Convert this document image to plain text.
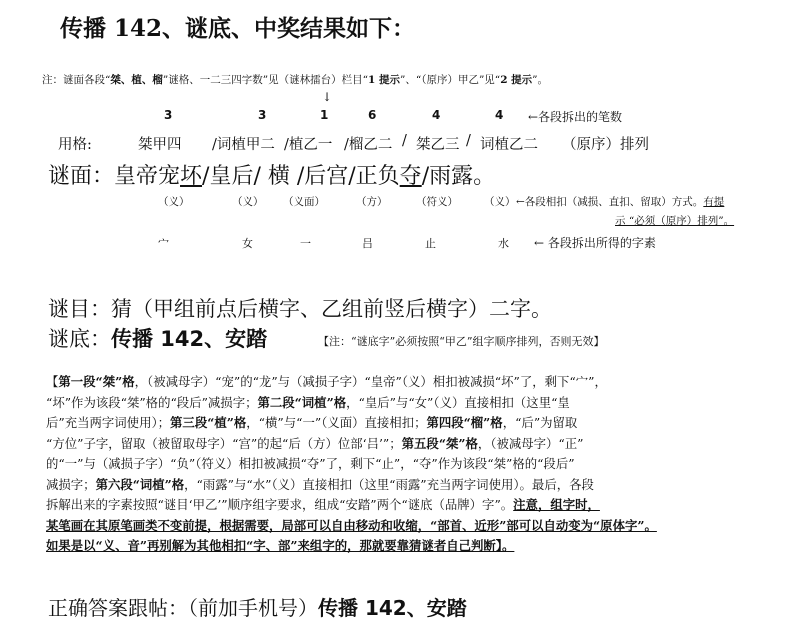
传播 142、谜底、中奖结果如下：
注：谜面各段“桀、植、榴”谜格、一二三四字数”见（谜林擂台）栏目“1 提示”、“（原序）甲乙”见“2 提示”。
↓
3	3	1	6	4	4 ←各段拆出的笔数
用格:	桀甲四 /词植甲二 /植乙一 /榴乙二 / 桀乙三 / 词植乙二 （原序）排列
谜面：皇帝宠坏/皇后/ 横 /后宫/正负夺/雨露。
（义）	（义） （义面）	（方）	（符义） （义） ←各段相扣（减损、直扣、留取）方式。有提
示 “必须（原序）排列”。
宀	女	一	吕	止	水 ← 各段拆出所得的字素
谜目：猜（甲组前点后横字、乙组前竖后横字）二字。
谜底：传播 142、安踏	【注：“谜底字”必须按照“甲乙”组字顺序排列，否则无效】

【第一段“桀”格，（被减母字）“宠”的“龙”与（减损子字）“皇帝”（义）相扣被减损“坏”了，剩下“宀”，

“坏”作为该段“桀”格的“段后”减损字；第二段“词植”格，“皇后”与“女”（义）直接相扣（这里“皇

后”充当两字词使用）；第三段“植”格，“横”与“一”（义面）直接相扣；第四段“榴”格，“后”为留取

“方位”子字，留取（被留取母字）“宫”的起“后（方）位部‘吕’”；第五段“桀”格，（被减母字）“正”

的“一”与（减损子字）“负”（符义）相扣被减损“夺”了，剩下“止”，“夺”作为该段“桀”格的“段后”

减损字；第六段“词植”格，“雨露”与“水”（义）直接相扣（这里“雨露”充当两字词使用）。最后，各段

拆解出来的字素按照“谜目‘甲乙’”顺序组字要求，组成“安踏”两个“谜底（品牌）字”。注意，组字时，

某笔画在其原笔画类不变前提，根据需要，局部可以自由移动和收缩，“部首、近形”部可以自动变为“原体字”。

如果是以“义、音”再别解为其他相扣“字、部”来组字的，那就要靠猜谜者自己判断】。

正确答案跟帖：（前加手机号）传播 142、安踏
